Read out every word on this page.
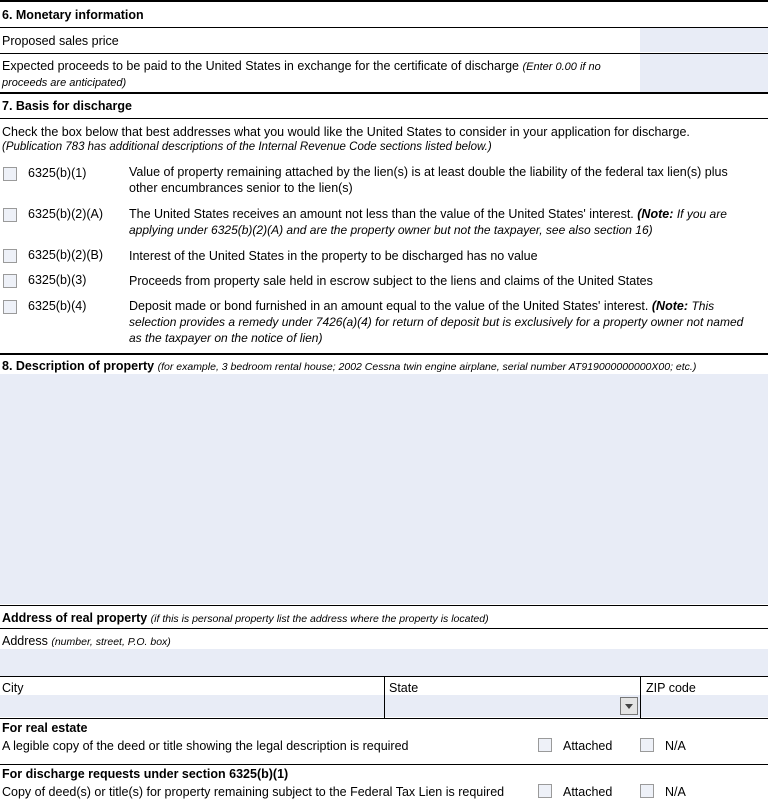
6. Monetary information
Proposed sales price
Expected proceeds to be paid to the United States in exchange for the certificate of discharge (Enter 0.00 if no proceeds are anticipated)
7. Basis for discharge
Check the box below that best addresses what you would like the United States to consider in your application for discharge.
(Publication 783 has additional descriptions of the Internal Revenue Code sections listed below.)
6325(b)(1)	Value of property remaining attached by the lien(s) is at least double the liability of the federal tax lien(s) plus other encumbrances senior to the lien(s)
6325(b)(2)(A) The United States receives an amount not less than the value of the United States' interest. (Note: If you are applying under 6325(b)(2)(A) and are the property owner but not the taxpayer, see also section 16)
6325(b)(2)(B) Interest of the United States in the property to be discharged has no value
6325(b)(3)	Proceeds from property sale held in escrow subject to the liens and claims of the United States
6325(b)(4)	Deposit made or bond furnished in an amount equal to the value of the United States' interest. (Note: This selection provides a remedy under 7426(a)(4) for return of deposit but is exclusively for a property owner not named as the taxpayer on the notice of lien)
8. Description of property (for example, 3 bedroom rental house; 2002 Cessna twin engine airplane, serial number AT919000000000X00; etc.)
Address of real property (if this is personal property list the address where the property is located)
Address (number, street, P.O. box)
City	State	ZIP code
For real estate
A legible copy of the deed or title showing the legal description is required	Attached	N/A
For discharge requests under section 6325(b)(1)
Copy of deed(s) or title(s) for property remaining subject to the Federal Tax Lien is required	Attached	N/A
